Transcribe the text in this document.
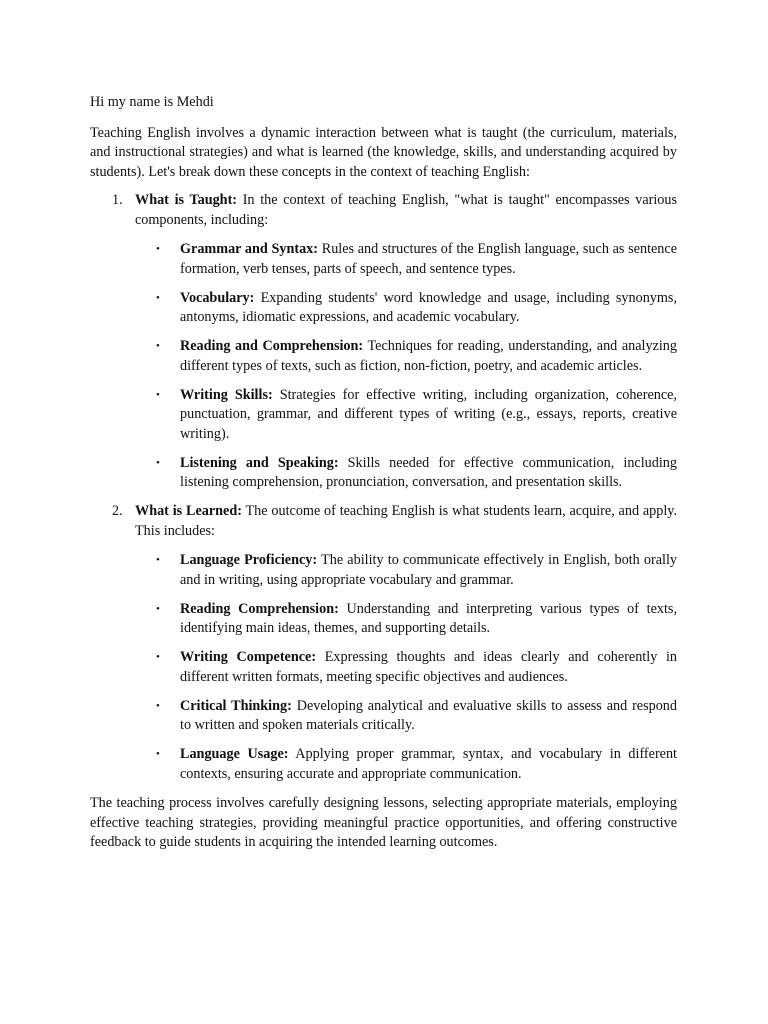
Hi my name is Mehdi

Teaching English involves a dynamic interaction between what is taught (the curriculum, materials, and instructional strategies) and what is learned (the knowledge, skills, and understanding acquired by students). Let's break down these concepts in the context of teaching English:

1. What is Taught: In the context of teaching English, "what is taught" encompasses various components, including:

• Grammar and Syntax: Rules and structures of the English language, such as sentence formation, verb tenses, parts of speech, and sentence types.
• Vocabulary: Expanding students' word knowledge and usage, including synonyms, antonyms, idiomatic expressions, and academic vocabulary.
• Reading and Comprehension: Techniques for reading, understanding, and analyzing different types of texts, such as fiction, non-fiction, poetry, and academic articles.
• Writing Skills: Strategies for effective writing, including organization, coherence, punctuation, grammar, and different types of writing (e.g., essays, reports, creative writing).
• Listening and Speaking: Skills needed for effective communication, including listening comprehension, pronunciation, conversation, and presentation skills.
2. What is Learned: The outcome of teaching English is what students learn, acquire, and apply. This includes:

• Language Proficiency: The ability to communicate effectively in English, both orally and in writing, using appropriate vocabulary and grammar.
• Reading Comprehension: Understanding and interpreting various types of texts, identifying main ideas, themes, and supporting details.
• Writing Competence: Expressing thoughts and ideas clearly and coherently in different written formats, meeting specific objectives and audiences.
• Critical Thinking: Developing analytical and evaluative skills to assess and respond to written and spoken materials critically.
• Language Usage: Applying proper grammar, syntax, and vocabulary in different contexts, ensuring accurate and appropriate communication.

The teaching process involves carefully designing lessons, selecting appropriate materials, employing effective teaching strategies, providing meaningful practice opportunities, and offering constructive feedback to guide students in acquiring the intended learning outcomes.
